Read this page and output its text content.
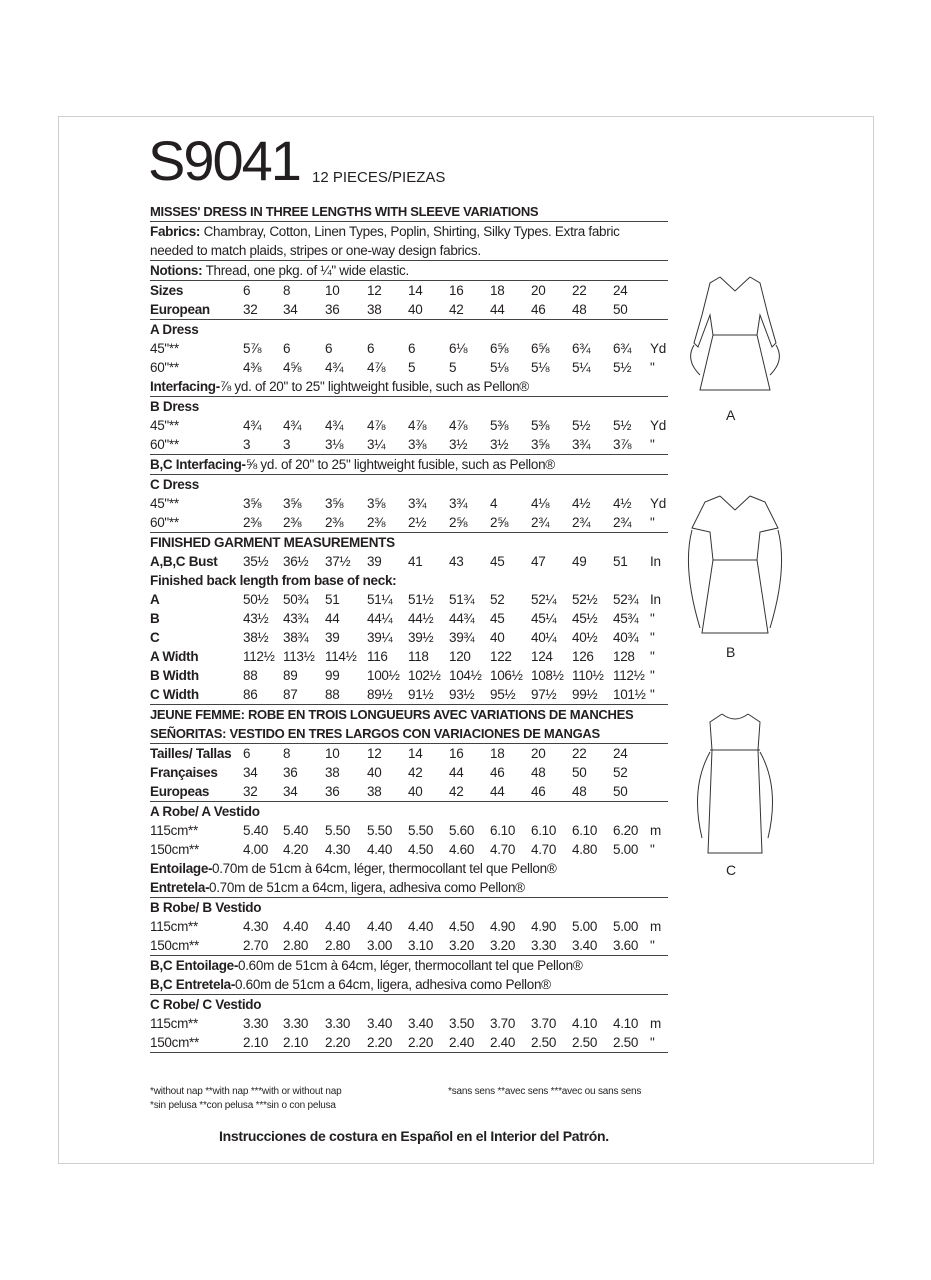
S9041 12 PIECES/PIEZAS
MISSES' DRESS IN THREE LENGTHS WITH SLEEVE VARIATIONS
Fabrics: Chambray, Cotton, Linen Types, Poplin, Shirting, Silky Types. Extra fabric
needed to match plaids, stripes or one-way design fabrics.
Notions: Thread, one pkg. of ¼" wide elastic.
Sizes	6 8	10 12 14 16 18 20 22 24
European 32 34 36 38 40 42 44 46 48 50
A Dress
45"**	5⅞ 6	6	6	6	6⅛ 6⅝ 6⅝ 6¾ 6¾ Yd
60"**	4⅜ 4⅝ 4¾ 4⅞ 5	5	5⅛ 5⅛ 5¼ 5½ "
Interfacing- ⅞ yd. of 20" to 25" lightweight fusible, such as Pellon®
B Dress
45"**	4¾ 4¾ 4¾ 4⅞ 4⅞ 4⅞ 5⅜ 5⅜ 5½ 5½ Yd
60"**	3 3	3⅛ 3¼ 3⅜ 3½ 3½ 3⅝ 3¾ 3⅞ "
B,C Interfacing- ⅝ yd. of 20" to 25" lightweight fusible, such as Pellon®
C Dress
45"**	3⅝ 3⅝ 3⅝ 3⅝ 3¾ 3¾ 4	4⅛ 4½ 4½ Yd
60"**	2⅜ 2⅜ 2⅜ 2⅜ 2½ 2⅝ 2⅝ 2¾ 2¾ 2¾ "
FINISHED GARMENT MEASUREMENTS
A,B,C Bust 35½ 36½ 37½ 39 41 43 45 47 49 51 In
Finished back length from base of neck:
A	50½ 50¾ 51 51¼ 51½ 51¾ 52 52¼ 52½ 52¾ In
B	43½ 43¾ 44 44¼ 44½ 44¾ 45 45¼ 45½ 45¾ "
C	38½ 38¾ 39 39¼ 39½ 39¾ 40 40¼ 40½ 40¾ "
A Width	112½ 113½ 114½ 116 118 120 122 124 126 128 "
B Width	88 89 99 100½ 102½ 104½ 106½ 108½ 110½ 112½ "
C Width	86 87 88 89½ 91½ 93½ 95½ 97½ 99½ 101½ "
JEUNE FEMME: ROBE EN TROIS LONGUEURS AVEC VARIATIONS DE MANCHES
SEÑORITAS: VESTIDO EN TRES LARGOS CON VARIACIONES DE MANGAS
Tailles/ Tallas 6 8	10 12 14 16 18 20 22 24
Françaises 34 36 38 40 42 44 46 48 50 52
Europeas	32 34 36 38 40 42 44 46 48 50
A Robe/ A Vestido
115cm**	5.40 5.40 5.50 5.50 5.50 5.60 6.10 6.10 6.10 6.20 m
150cm**	4.00 4.20 4.30 4.40 4.50 4.60 4.70 4.70 4.80 5.00 "
Entoilage- 0.70m de 51cm à 64cm, léger, thermocollant tel que Pellon®
Entretela- 0.70m de 51cm a 64cm, ligera, adhesiva como Pellon®
B Robe/ B Vestido
115cm**	4.30 4.40 4.40 4.40 4.40 4.50 4.90 4.90 5.00 5.00 m
150cm**	2.70 2.80 2.80 3.00 3.10 3.20 3.20 3.30 3.40 3.60 "
B,C Entoilage- 0.60m de 51cm à 64cm, léger, thermocollant tel que Pellon®
B,C Entretela- 0.60m de 51cm a 64cm, ligera, adhesiva como Pellon®
C Robe/ C Vestido
115cm**	3.30 3.30 3.30 3.40 3.40 3.50 3.70 3.70 4.10 4.10 m
150cm**	2.10 2.10 2.20 2.20 2.20 2.40 2.40 2.50 2.50 2.50 "
*without nap **with nap ***with or without nap
*sin pelusa **con pelusa ***sin o con pelusa
*sans sens **avec sens ***avec ou sans sens
Instrucciones de costura en Español en el Interior del Patrón.
A
B
C
